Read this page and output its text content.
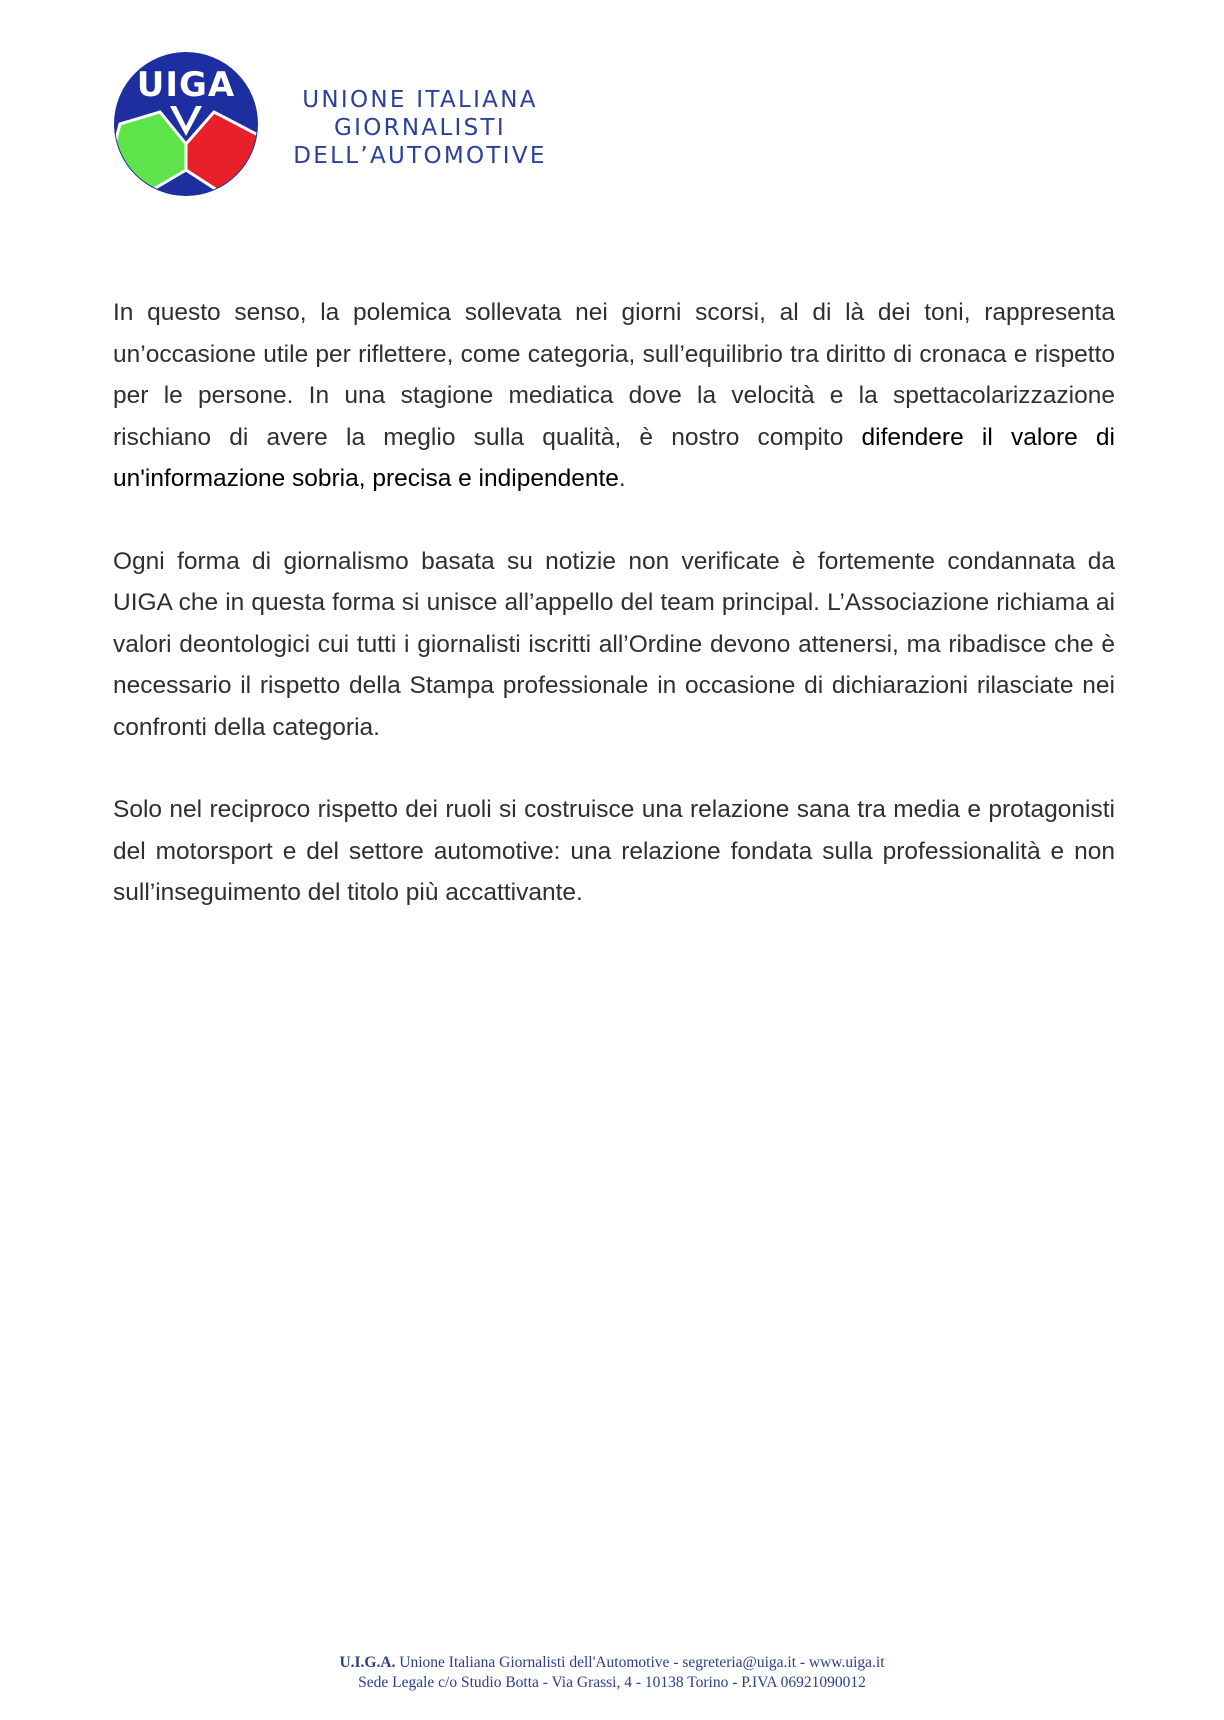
UIGA	UNIONE ITALIANA
GIORNALISTI
DELL’AUTOMOTIVE

In questo senso, la polemica sollevata nei giorni scorsi, al di là dei toni, rappresenta un’occasione utile per riflettere, come categoria, sull’equilibrio tra diritto di cronaca e rispetto per le persone. In una stagione mediatica dove la velocità e la spettacolarizzazione rischiano di avere la meglio sulla qualità, è nostro compito difendere il valore di un'informazione sobria, precisa e indipendente.

Ogni forma di giornalismo basata su notizie non verificate è fortemente condannata da UIGA che in questa forma si unisce all’appello del team principal. L’Associazione richiama ai valori deontologici cui tutti i giornalisti iscritti all’Ordine devono attenersi, ma ribadisce che è necessario il rispetto della Stampa professionale in occasione di dichiarazioni rilasciate nei confronti della categoria.

Solo nel reciproco rispetto dei ruoli si costruisce una relazione sana tra media e protagonisti del motorsport e del settore automotive: una relazione fondata sulla professionalità e non sull’inseguimento del titolo più accattivante.

U.I.G.A. Unione Italiana Giornalisti dell'Automotive - segreteria@uiga.it - www.uiga.it
Sede Legale c/o Studio Botta - Via Grassi, 4 - 10138 Torino - P.IVA 06921090012
